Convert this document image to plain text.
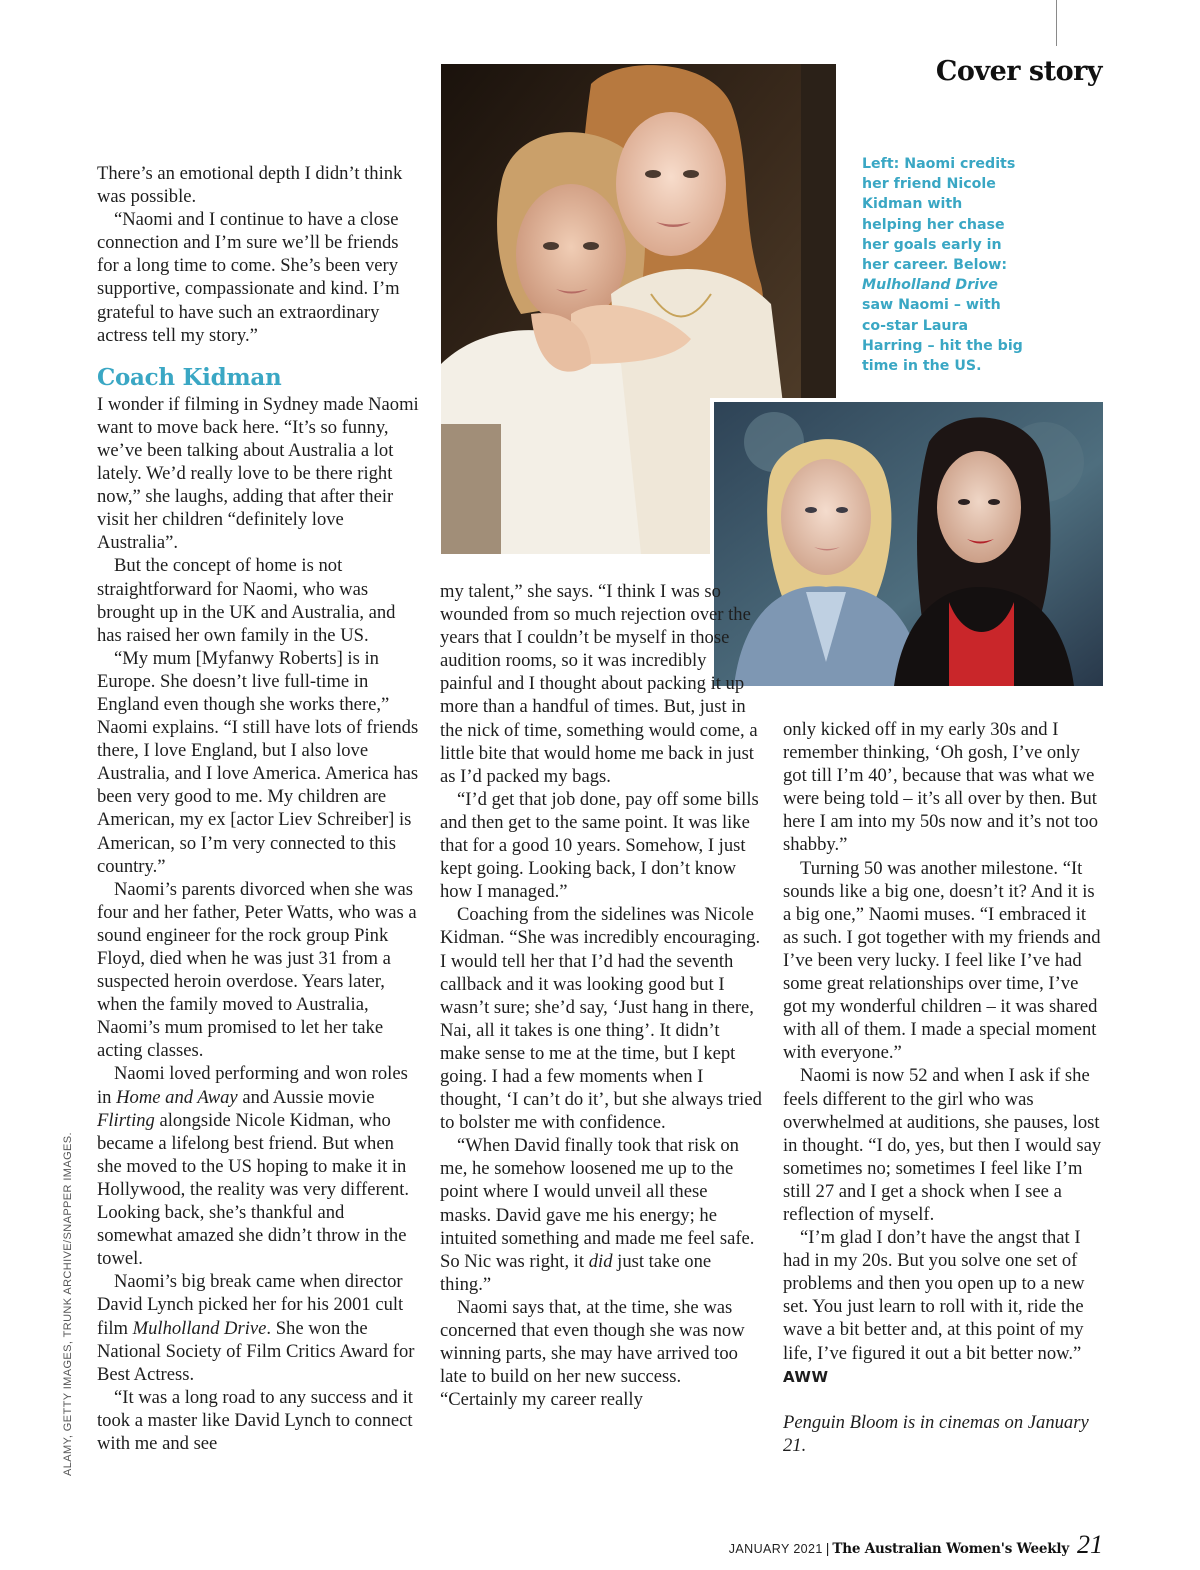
Cover story
Left: Naomi credits her friend Nicole Kidman with helping her chase her goals early in her career. Below: Mulholland Drive saw Naomi – with co-star Laura Harring – hit the big time in the US.

There’s an emotional depth I didn’t think was possible.

“Naomi and I continue to have a close connection and I’m sure we’ll be friends for a long time to come. She’s been very supportive, compassionate and kind. I’m grateful to have such an extraordinary actress tell my story.”

Coach Kidman

I wonder if filming in Sydney made Naomi want to move back here. “It’s so funny, we’ve been talking about Australia a lot lately. We’d really love to be there right now,” she laughs, adding that after their visit her children “definitely love Australia”.

But the concept of home is not straightforward for Naomi, who was brought up in the UK and Australia, and has raised her own family in the US.

“My mum [Myfanwy Roberts] is in Europe. She doesn’t live full-time in England even though she works there,” Naomi explains. “I still have lots of friends there, I love England, but I also love Australia, and I love America. America has been very good to me. My children are American, my ex [actor Liev Schreiber] is American, so I’m very connected to this country.”

Naomi’s parents divorced when she was four and her father, Peter Watts, who was a sound engineer for the rock group Pink Floyd, died when he was just 31 from a suspected heroin overdose. Years later, when the family moved to Australia, Naomi’s mum promised to let her take acting classes.

Naomi loved performing and won roles in Home and Away and Aussie movie Flirting alongside Nicole Kidman, who became a lifelong best friend. But when she moved to the US hoping to make it in Hollywood, the reality was very different. Looking back, she’s thankful and somewhat amazed she didn’t throw in the towel.

Naomi’s big break came when director David Lynch picked her for his 2001 cult film Mulholland Drive. She won the National Society of Film Critics Award for Best Actress.

“It was a long road to any success and it took a master like David Lynch to connect with me and see

my talent,” she says. “I think I was so wounded from so much rejection over the years that I couldn’t be myself in those audition rooms, so it was incredibly painful and I thought about packing it up more than a handful of times. But, just in the nick of time, something would come, a little bite that would home me back in just as I’d packed my bags.

“I’d get that job done, pay off some bills and then get to the same point. It was like that for a good 10 years. Somehow, I just kept going. Looking back, I don’t know how I managed.”

Coaching from the sidelines was Nicole Kidman. “She was incredibly encouraging. I would tell her that I’d had the seventh callback and it was looking good but I wasn’t sure; she’d say, ‘Just hang in there, Nai, all it takes is one thing’. It didn’t make sense to me at the time, but I kept going. I had a few moments when I thought, ‘I can’t do it’, but she always tried to bolster me with confidence.

“When David finally took that risk on me, he somehow loosened me up to the point where I would unveil all these masks. David gave me his energy; he intuited something and made me feel safe. So Nic was right, it did just take one thing.”

Naomi says that, at the time, she was concerned that even though she was now winning parts, she may have arrived too late to build on her new success. “Certainly my career really

only kicked off in my early 30s and I remember thinking, ‘Oh gosh, I’ve only got till I’m 40’, because that was what we were being told – it’s all over by then. But here I am into my 50s now and it’s not too shabby.”

Turning 50 was another milestone. “It sounds like a big one, doesn’t it? And it is a big one,” Naomi muses. “I embraced it as such. I got together with my friends and I’ve been very lucky. I feel like I’ve had some great relationships over time, I’ve got my wonderful children – it was shared with all of them. I made a special moment with everyone.”

Naomi is now 52 and when I ask if she feels different to the girl who was overwhelmed at auditions, she pauses, lost in thought. “I do, yes, but then I would say sometimes no; sometimes I feel like I’m still 27 and I get a shock when I see a reflection of myself.

“I’m glad I don’t have the angst that I had in my 20s. But you solve one set of problems and then you open up to a new set. You just learn to roll with it, ride the wave a bit better and, at this point of my life, I’ve figured it out a bit better now.” AWW

Penguin Bloom is in cinemas on January 21.

ALAMY, GETTY IMAGES, TRUNK ARCHIVE/SNAPPER IMAGES.
JANUARY 2021 | The Australian Women's Weekly 21
